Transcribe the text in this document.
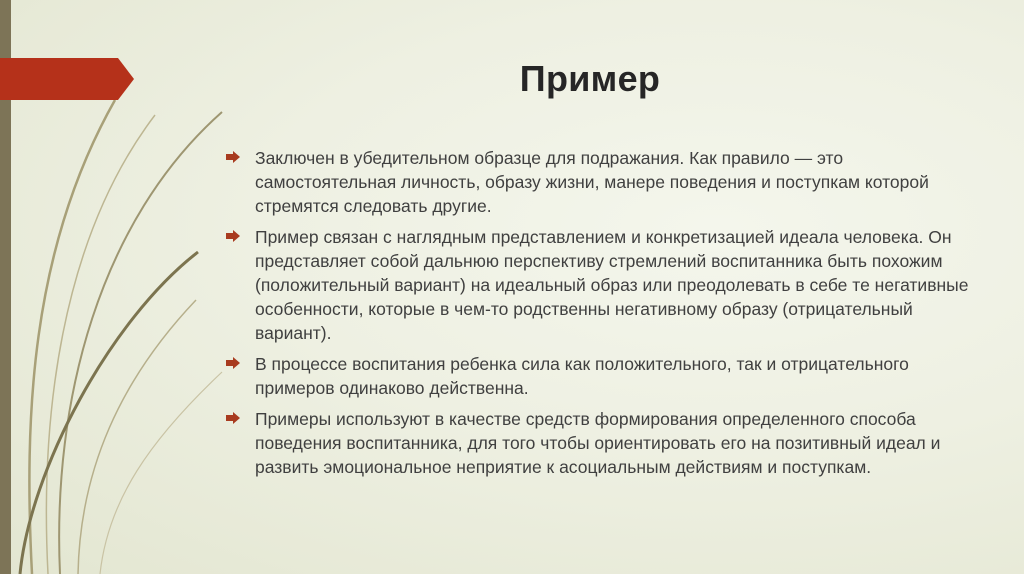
Пример
Заключен в убедительном образце для подражания. Как правило — это самостоятельная личность, образу жизни, манере поведения и поступкам которой стремятся следовать другие.
Пример связан с наглядным представлением и конкретизацией идеала человека. Он представляет собой дальнюю перспективу стремлений воспитанника быть похожим (положительный вариант) на идеальный образ или преодолевать в себе те негативные особенности, которые в чем-то родственны негативному образу (отрицательный вариант).
В процессе воспитания ребенка сила как положительного, так и отрицательного примеров одинаково действенна.
Примеры используют в качестве средств формирования определенного способа поведения воспитанника, для того чтобы ориентировать его на позитивный идеал и развить эмоциональное неприятие к асоциальным действиям и поступкам.
